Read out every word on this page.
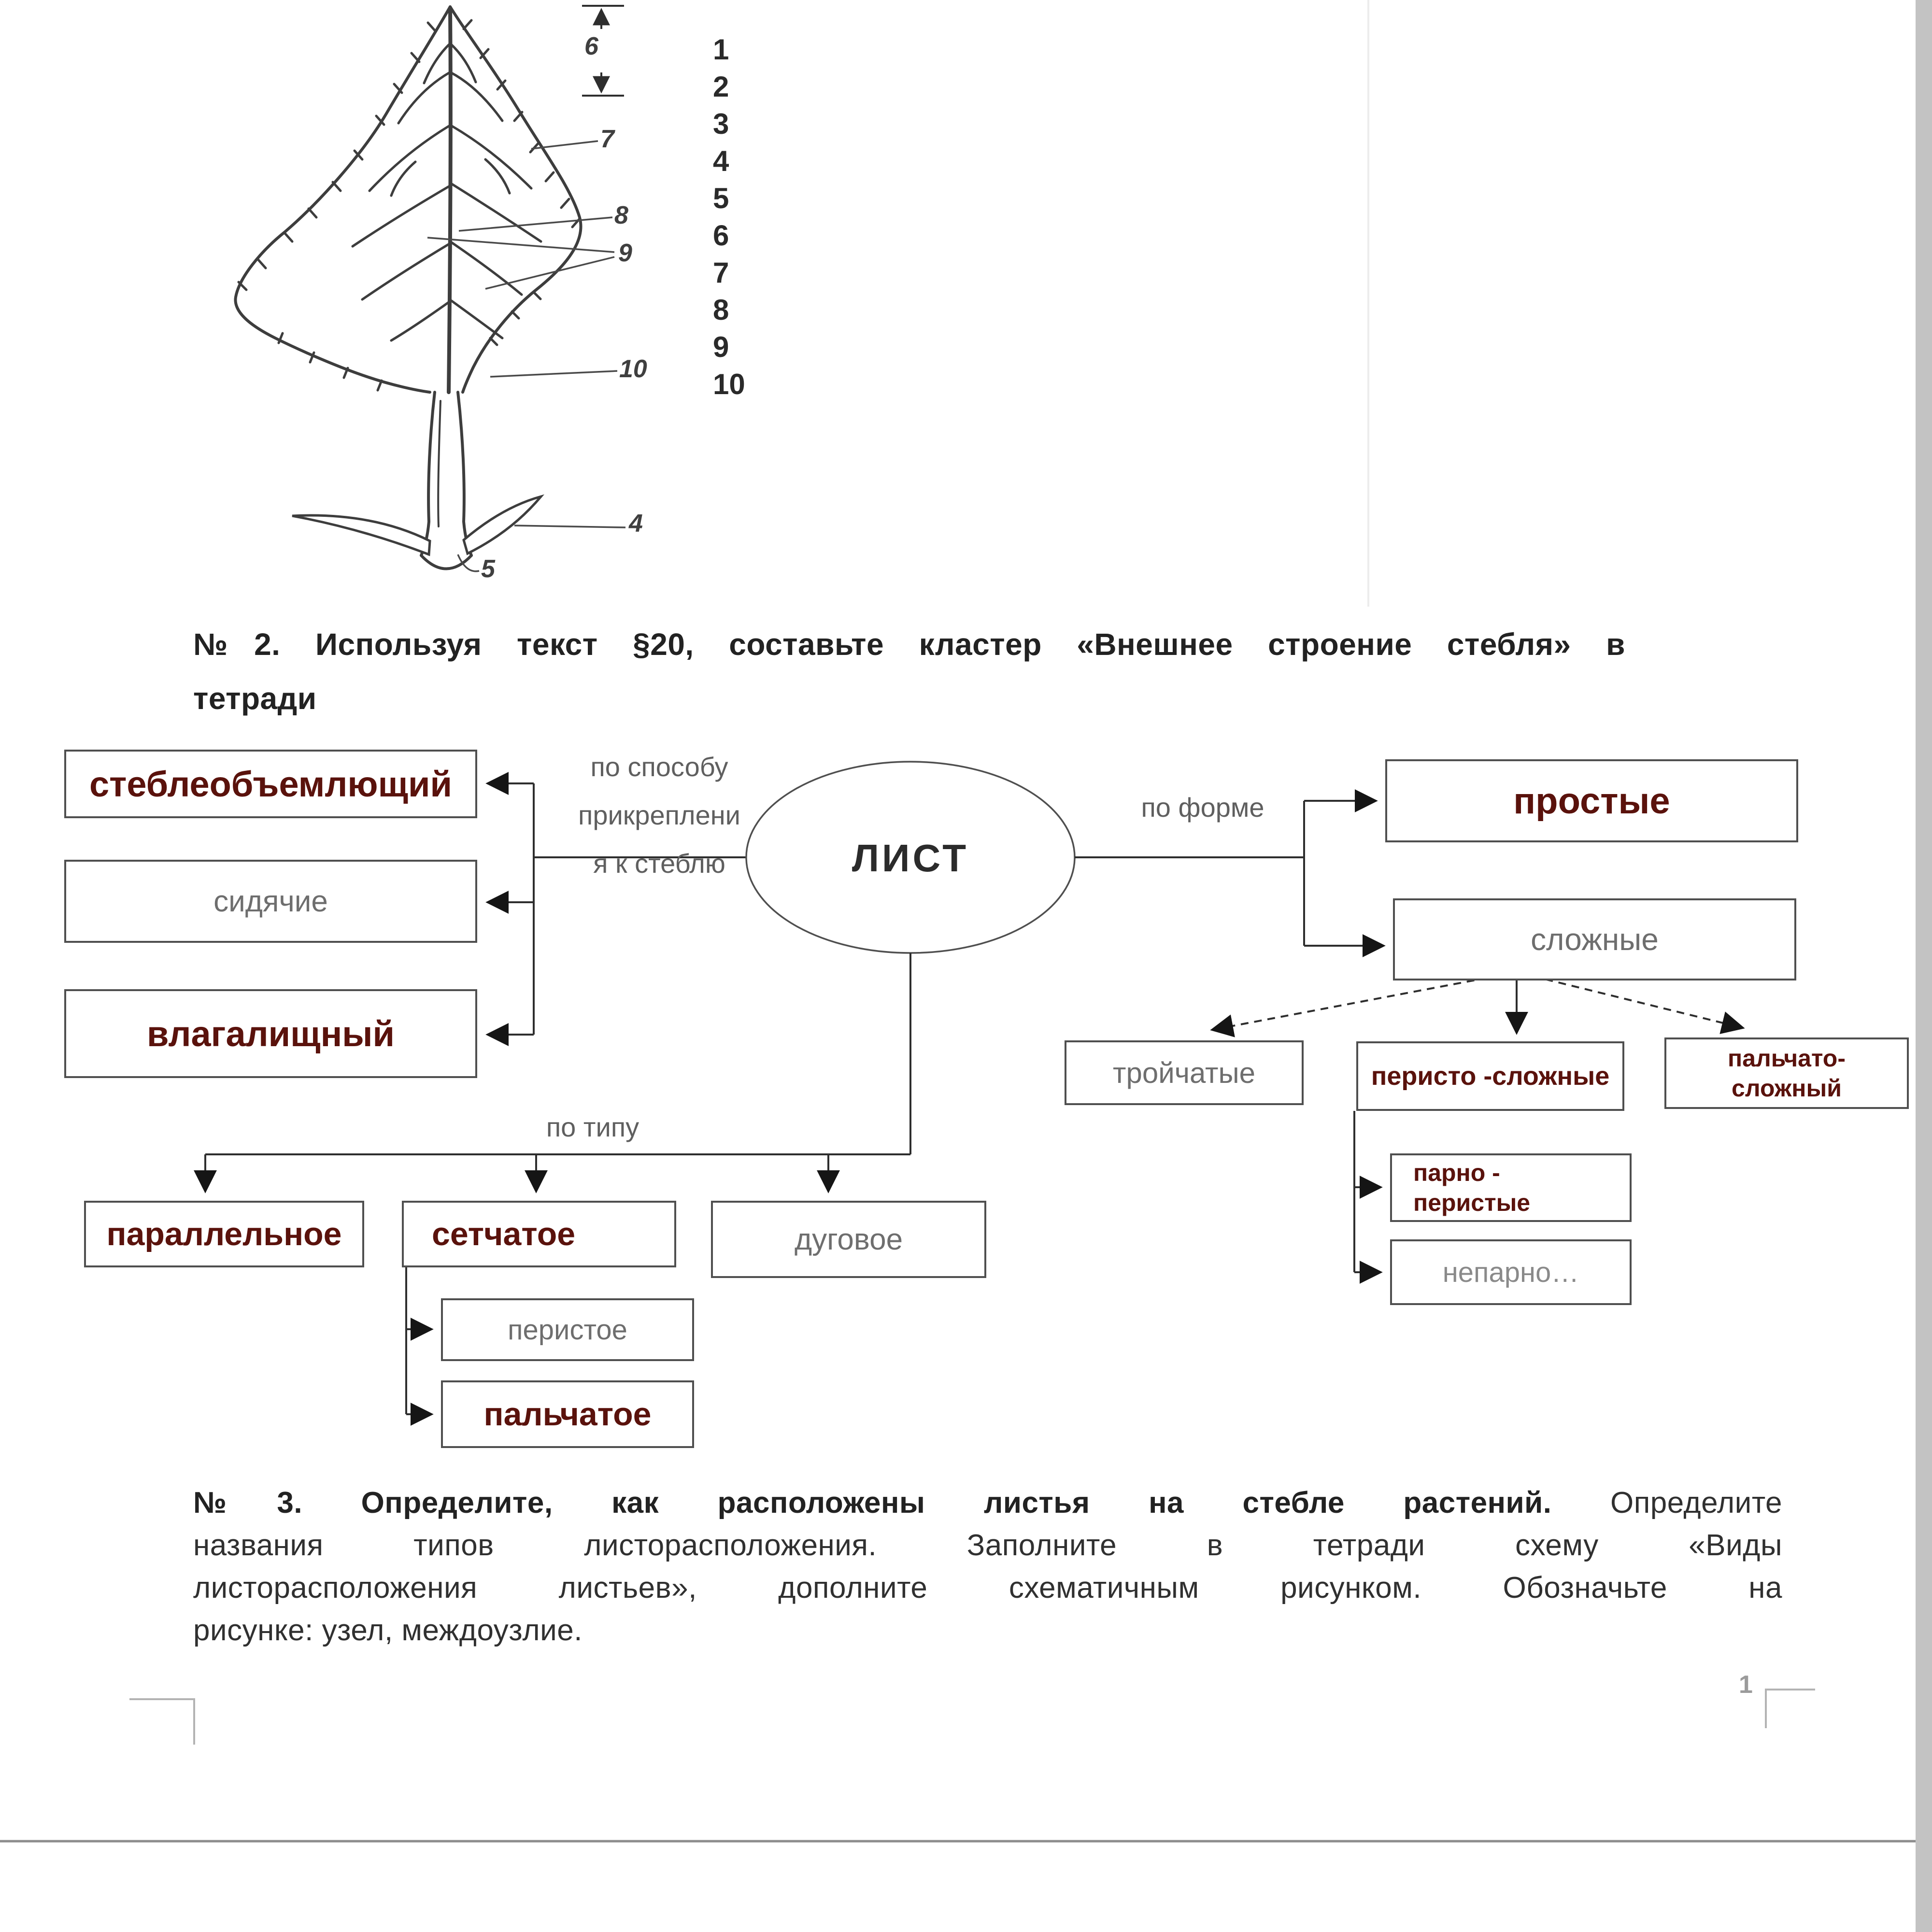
6
7
8
9
10
4
5
1
2
3
4
5
6
7
8
9
10
№2. Используя текст §20, составьте кластер «Внешнее строение стебля» в
тетради
по способу
прикреплени
я к стеблю	ЛИСТ
по форме
по типу
стеблеобъемлющий
сидячие
влагалищный
простые
сложные
тройчатые	перисто -сложные
пальчато-
сложный
парно -
перистые
непарно…
параллельное	сетчатое	дуговое
перистое
пальчатое
№3. Определите, как расположены листья на стебле растений. Определите
названия типов листорасположения. Заполните в тетради схему «Виды
листорасположения листьев», дополните схематичным рисунком. Обозначьте на
рисунке: узел, междоузлие.
1
